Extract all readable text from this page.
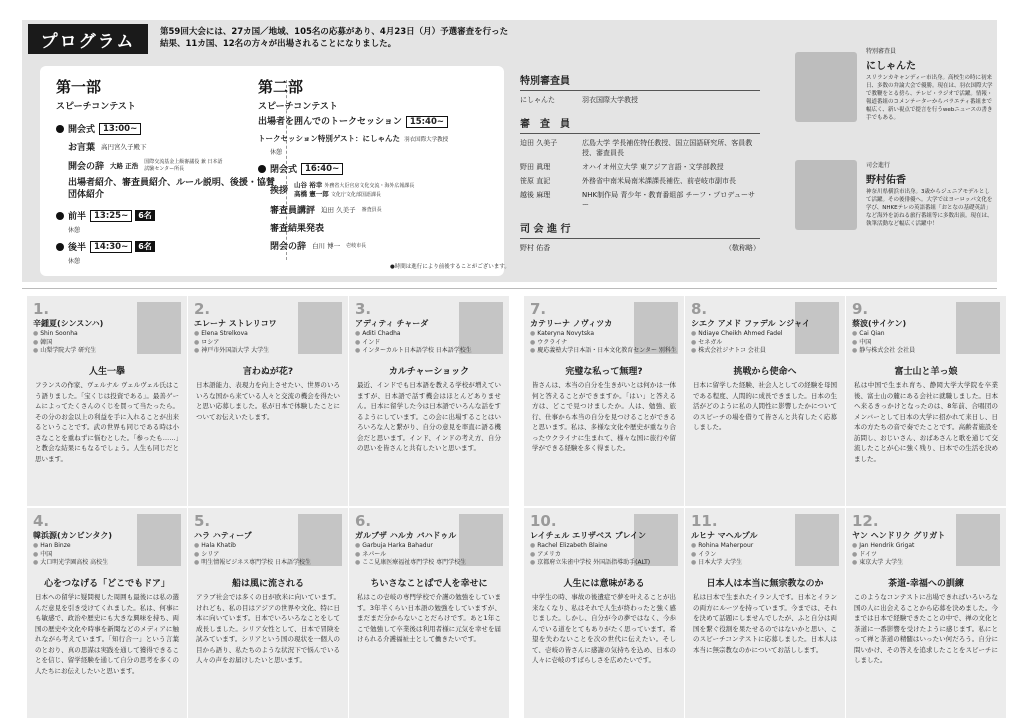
プログラム	第59回大会には、27カ国／地域、105名の応募があり、4月23日（月）予選審査を行った結果、11カ国、12名の方々が出場されることになりました。
第一部
スピーチコンテスト
開会式 13:00~
お言葉 高円宮久子殿下
開会の辞 大路 正浩 国際交流基金上級審議役 兼 日本語試験センター所長
出場者紹介、審査員紹介、ルール説明、後援・協賛団体紹介
前半 13:25~	6名
休憩
後半 14:30~	6名
休憩
第二部
スピーチコンテスト
出場者を囲んでのトークセッション 15:40~
トークセッション特別ゲスト：にしゃんた 羽衣国際大学教授
休憩
閉会式 16:40~
挨拶
山谷 裕幸 外務省大臣官房文化交流・海外広報課長
高橋 憲一郎 文化庁文化部国語課長
審査員講評 迫田 久美子 審査員長
審査結果発表
閉会の辞 白川 博一 壱岐市長
●時間は進行により前後することがございます。
特別審査員
にしゃんた	羽衣国際大学教授
審　査　員
迫田 久美子	広島大学 学長補佐特任教授、国立国語研究所、客員教授、審査員長
野田 眞理	オハイオ州立大学 東アジア言語・文学部教授
笹原 直記	外務省中南米局南米課課長補佐、前壱岐市副市長
越後 麻理	NHK制作局 青少年・教育番組部 チーフ・プロデューサー
司 会 進 行
野村 佑香	（敬称略）
特別審査員
にしゃんた
スリランカキャンディー市出身。高校生の時に初来日、多数の弁論大会で優勝。現在は、羽衣国際大学で教鞭をとる傍ら、テレビ・ラジオで活躍。情報・報道番組のコメンテーターからバラエティ番組まで幅広く、新い視点で提言を行うwebニュースの書き手でもある。
司会進行
野村佑香
神奈川県横浜市出身。3歳からジュニアモデルとして活躍。その後俳優へ。大学ではヨーロッパ文化を学び、NHKEテレの英語番組「おとなの基礎英語」など海外を訪ねる旅行番組等に多数出演。現在は、執筆活動など幅広く活躍中！
1.
辛鍾夏(シンスンハ)
● Shin Soonha
● 韓国
● 山梨学院大学 研究生
人生一擧
フランスの作家、ヴェルナル ヴェルヴェル氏はこう語りました。「宝くじは投資である」。最善ゲームによってたくさんのくじを買って当たったら。その分のお金以上の利益を手に入れることが出来るということです。武の世界も同じである時は小さなことを重ねずに悩むとした。「参ったも……」と教会な結果にもなるでしょう。人生も同じだと思います。
2.
エレーナ ストレリコワ
● Elena Strelkova
● ロシア
● 神戸市外国語大学 大学生
言わぬが花?
日本語能力、表現力を向上させたい、世界のいろいろな国から来ている人々と交流の機会を得たいと思い応募しました。私が日本で体験したことについてお伝えいたします。
3.
アディティ チャーダ
● Aditi Chadha
● インド
● インターカルト日本語学校 日本語学校生
カルチャーショック
最近、インドでも日本語を教える学校が増えていますが、日本語で話す機会はほとんどありません。日本に留学した今は日本語でいろんな話をするようにしています。この会に出場することはいろいろな人と繋がり、自分の意見を率直に語る機会だと思います。インド、インドの考え方、自分の思いを皆さんと共有したいと思います。
7.
カテリーナ ノヴィツカ
● Kateryna Novytska
● ウクライナ
● 慶応義塾大学日本語・日本文化教育センター 別科生
完璧な私って無理?
皆さんは、本当の自分を生きがいとは何かは一体何と答えることができますか。「はい」と答える方は、どこで見つけましたか。人は、勉強、旅行、仕事から本当の自分を見つけることができると思います。私は、多様な文化や歴史が重なり合ったウクライナに生まれて、様々な国に旅行や留学ができる経験を多く得ました。
8.
シエク アメド ファデル ンジャイ
● Ndiaye Cheikh Ahmed Fadel
● セネガル
● 株式会社ジナトコ 会社員
挑戦から使命へ
日本に留学した経験、社会人としての経験を母国である程度、人間的に成長できました。日本の生活がどのように私の人間性に影響したかについてのスピーチの場を借りて皆さんと共有したく応募しました。
9.
蔡波(サイケン)
● Cai Qian
● 中国
● 静与株式会社 会社員
富士山と羊っ娘
私は中国で生まれ育ち、静岡大学大学院を卒業後、富士山の麓にある会社に就職しました。日本へ来るきっかけとなったのは、8年前、合唱団のメンバーとして日本の大学に招かれて来日し、日本の方たちの音で奏でたことです。高齢者施設を訪問し、おじいさん、おばあさんと歌を通じて交流したことが心に強く残り、日本での生活を決めました。
4.
韓浜源(カンビンタク)
● Han Binze
● 中国
● 大口明光学園高校 高校生
心をつなげる「どこでもドア」
日本への留学に疑問視した周囲も最後には私の選んだ意見を引き受けてくれました。私は、何事にも敏感で、政治や歴史にも大きな興味を持ち、両国の歴史や文化や時事を新聞などのメディアに触れながら考えています。「知行合一」という言葉のとおり、真の思謀は実践を通して獲得できることを信じ、留学経験を通して自分の思考を多くの人たちにお伝えしたいと思います。
5.
ハラ ハティーブ
● Hala Khatib
● シリア
● 明生情報ビジネス専門学校 日本語学校生
船は風に流される
アラブ社会では多くの日が欧米に向いています。けれども、私の目はアジアの世界や文化、特に日本に向いています。日本でいろいろなことをして成長しました。シリア女性として、日本で冒険を試みています。シリアという国の現状を一個人の目から語り、私たちのような状況下で悩んでいる人々の声をお届けしたいと思います。
6.
ガルブザ ハルカ バハドゥル
● Garbuja Harka Bahadur
● ネパール
● ここ見康医療福祉専門学校 専門学校生
ちいさなことばで人を幸せに
私はこの壱岐の専門学校で介護の勉強をしています。3年半くらい日本語の勉強をしていますが、まだまだ分からないことだらけです。あと1年ここで勉強して卒業後は利用者様に元気を幸せを届けられる介護福祉士として働きたいです。
10.
レイチェル エリザベス ブレイン
● Rachel Elizabeth Blaine
● アメリカ
● 京都府立朱雀中学校 外国語指導助手(ALT)
人生には意味がある
中学生の時、事故の後遺症で夢を叶えることが出来なくなり、私はそれで人生が終わったと強く感じました。しかし、自分が今の夢ではなく、今歩んでいる道をとてもありがたく思っています。希望を失わないことを次の世代に伝えたい。そして、壱岐の皆さんに感謝の気持ちを込め、日本の人々に壱岐のすばらしさを広めたいです。
11.
ルヒナ マヘルプル
● Rohina Maherpour
● イラン
● 日本大学 大学生
日本人は本当に無宗教なのか
私は日本で生まれたイラン人です。日本とイランの両方にルーツを持っています。今までは、それを決めて話題にしませんでしたが、ふと自分は両国を繋ぐ役割を果たせるのではないかと思い、このスピーチコンテストに応募しました。日本人は本当に無宗教なのかについてお話しします。
12.
ヤン ヘンドリク グリガト
● Jan Hendrik Grigat
● ドイツ
● 東京大学 大学生
茶道-幸福への訓練
このようなコンテストに出場できればいろいろな国の人に出会えることから応募を決めました。今までは日本で経験できたことの中で、禅の文化と茶道に一番影響を受けたように感じます。私にとって禅と茶道の精髄はいったい何だろう。自分に問いかけ、その答えを追求したことをスピーチにしました。
